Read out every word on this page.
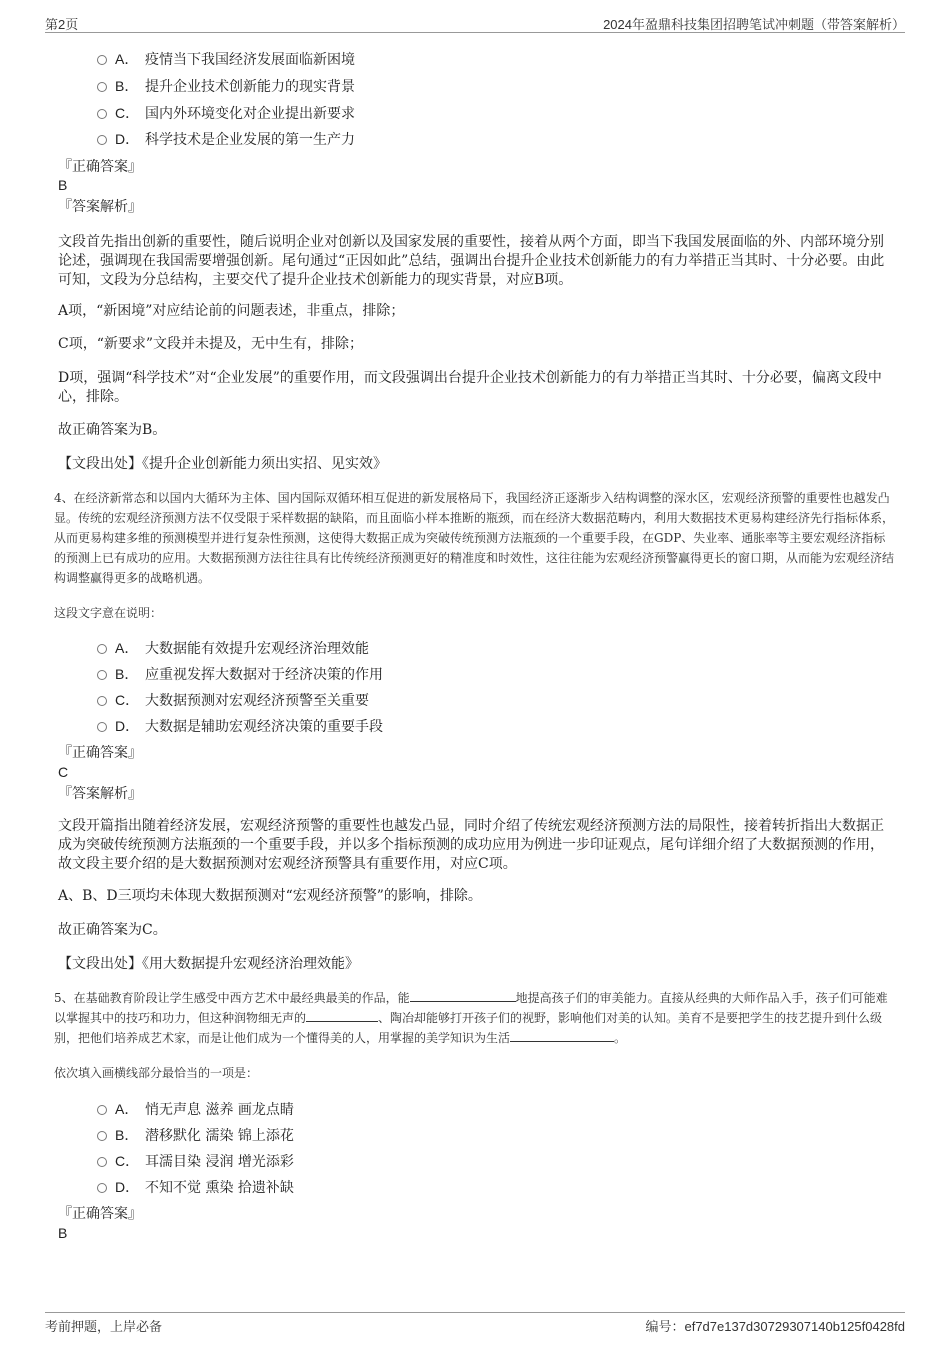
第2页	2024年盈鼎科技集团招聘笔试冲刺题（带答案解析）
A． 疫情当下我国经济发展面临新困境
B． 提升企业技术创新能力的现实背景
C． 国内外环境变化对企业提出新要求
D． 科学技术是企业发展的第一生产力
『正确答案』
B
『答案解析』
文段首先指出创新的重要性，随后说明企业对创新以及国家发展的重要性，接着从两个方面，即当下我国发展面临的外、内部环境分别论述，强调现在我国需要增强创新。尾句通过“正因如此”总结，强调出台提升企业技术创新能力的有力举措正当其时、十分必要。由此可知，文段为分总结构，主要交代了提升企业技术创新能力的现实背景，对应B项。
A项，“新困境”对应结论前的问题表述，非重点，排除；
C项，“新要求”文段并未提及，无中生有，排除；
D项，强调“科学技术”对“企业发展”的重要作用，而文段强调出台提升企业技术创新能力的有力举措正当其时、十分必要，偏离文段中心，排除。
故正确答案为B。
【文段出处】《提升企业创新能力须出实招、见实效》
4、在经济新常态和以国内大循环为主体、国内国际双循环相互促进的新发展格局下，我国经济正逐渐步入结构调整的深水区，宏观经济预警的重要性也越发凸显。传统的宏观经济预测方法不仅受限于采样数据的缺陷，而且面临小样本推断的瓶颈，而在经济大数据范畴内，利用大数据技术更易构建经济先行指标体系，从而更易构建多维的预测模型并进行复杂性预测，这使得大数据正成为突破传统预测方法瓶颈的一个重要手段，在GDP、失业率、通胀率等主要宏观经济指标的预测上已有成功的应用。大数据预测方法往往具有比传统经济预测更好的精准度和时效性，这往往能为宏观经济预警赢得更长的窗口期，从而能为宏观经济结构调整赢得更多的战略机遇。
这段文字意在说明：
A． 大数据能有效提升宏观经济治理效能
B． 应重视发挥大数据对于经济决策的作用
C． 大数据预测对宏观经济预警至关重要
D． 大数据是辅助宏观经济决策的重要手段
『正确答案』
C
『答案解析』
文段开篇指出随着经济发展，宏观经济预警的重要性也越发凸显，同时介绍了传统宏观经济预测方法的局限性，接着转折指出大数据正成为突破传统预测方法瓶颈的一个重要手段，并以多个指标预测的成功应用为例进一步印证观点，尾句详细介绍了大数据预测的作用，故文段主要介绍的是大数据预测对宏观经济预警具有重要作用，对应C项。
A、B、D三项均未体现大数据预测对“宏观经济预警”的影响，排除。
故正确答案为C。
【文段出处】《用大数据提升宏观经济治理效能》
5、在基础教育阶段让学生感受中西方艺术中最经典最美的作品，能	地提高孩子们的审美能力。直接从经典的大师作品入手，孩子们可能难以掌握其中的技巧和功力，但这种润物细无声的	、陶冶却能够打开孩子们的视野，影响他们对美的认知。美育不是要把学生的技艺提升到什么级别，把他们培养成艺术家，而是让他们成为一个懂得美的人，用掌握的美学知识为生活	。
依次填入画横线部分最恰当的一项是：
A． 悄无声息 滋养 画龙点睛
B． 潜移默化 濡染 锦上添花
C． 耳濡目染 浸润 增光添彩
D． 不知不觉 熏染 拾遗补缺
『正确答案』
B
考前押题，上岸必备	编号：ef7d7e137d30729307140b125f0428fd
